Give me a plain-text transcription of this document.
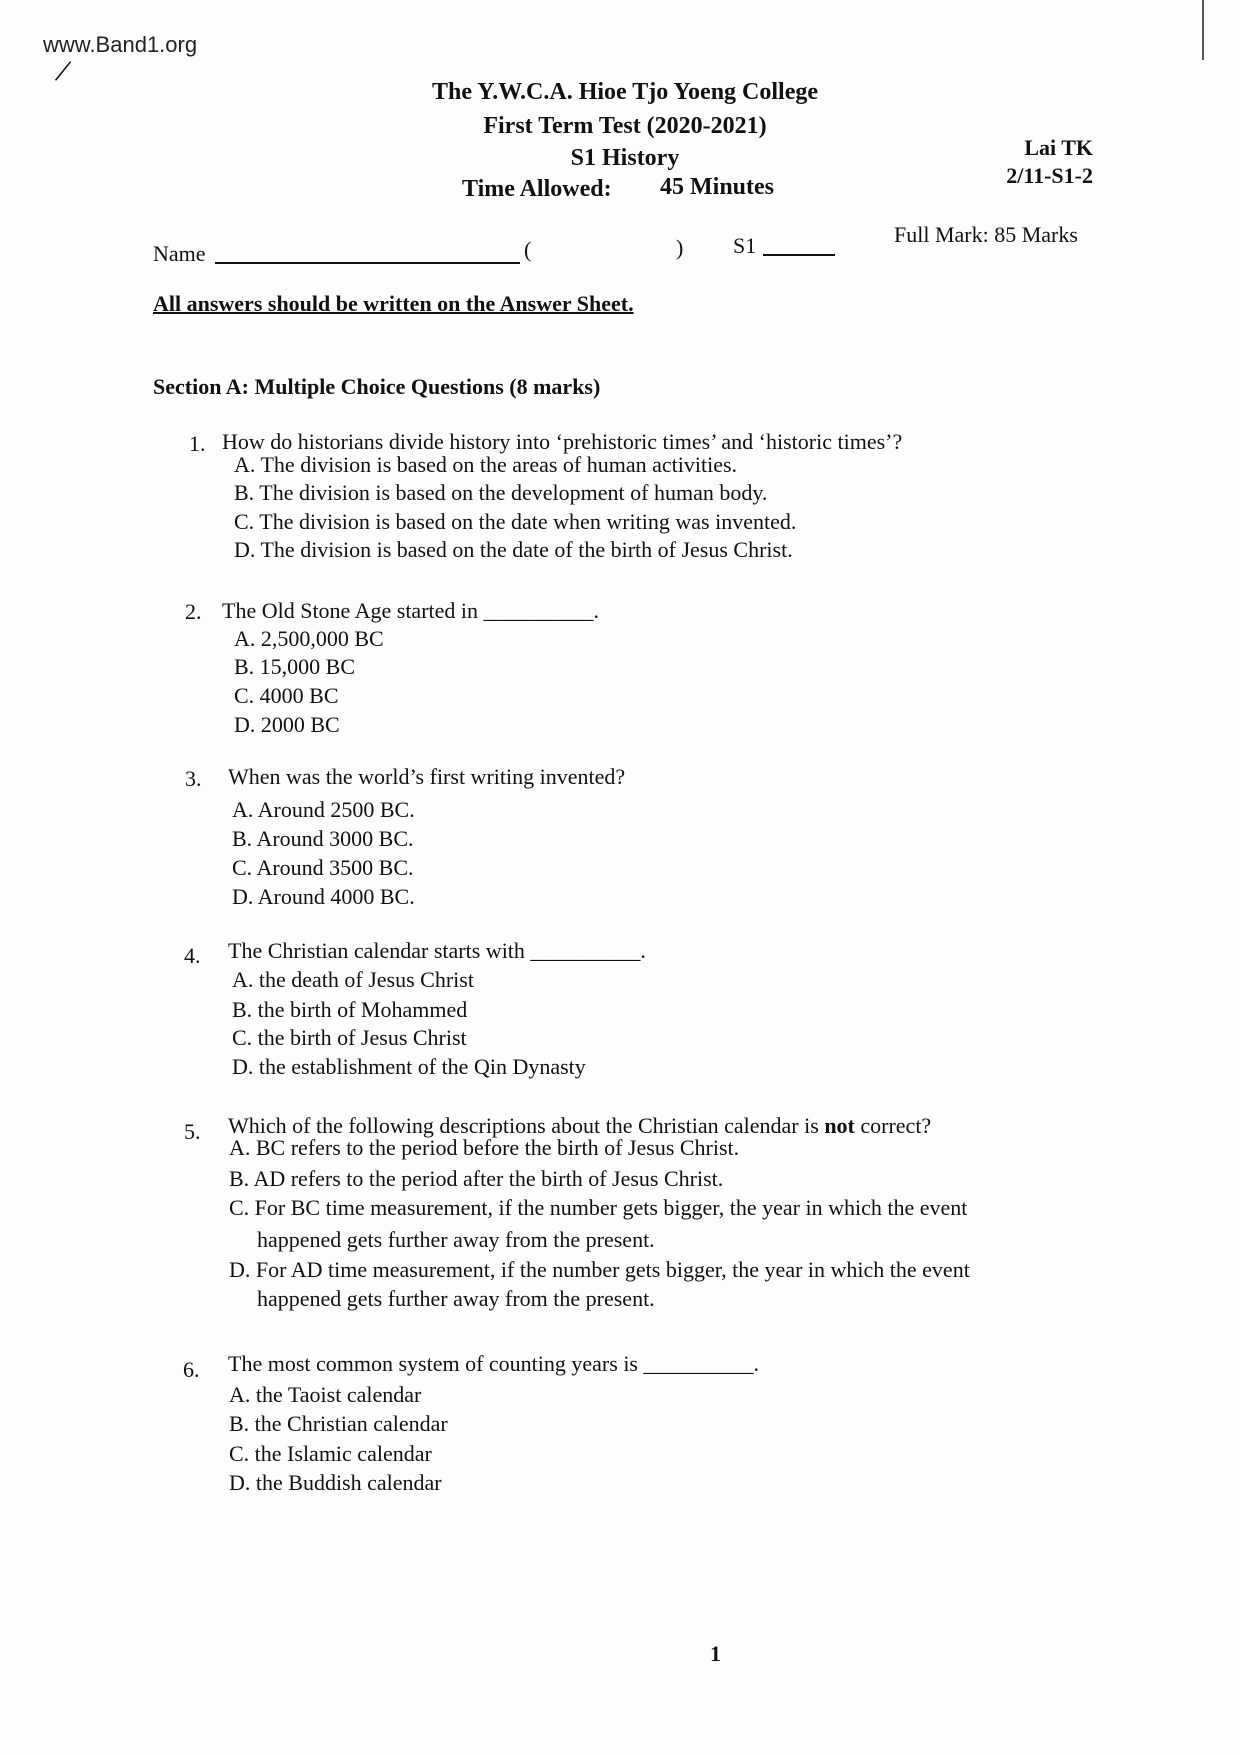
www.Band1.org
/
The Y.W.C.A. Hioe Tjo Yoeng College
First Term Test (2020-2021)
S1 History
Time Allowed: 45 Minutes
Lai TK
2/11-S1-2
Name	(	) S1	Full Mark: 85 Marks
All answers should be written on the Answer Sheet.
Section A: Multiple Choice Questions (8 marks)
1. How do historians divide history into ‘prehistoric times’ and ‘historic times’?
A. The division is based on the areas of human activities.
B. The division is based on the development of human body.
C. The division is based on the date when writing was invented.
D. The division is based on the date of the birth of Jesus Christ.
2. The Old Stone Age started in __________.
A. 2,500,000 BC
B. 15,000 BC
C. 4000 BC
D. 2000 BC
3. When was the world’s first writing invented?
A. Around 2500 BC.
B. Around 3000 BC.
C. Around 3500 BC.
D. Around 4000 BC.
4. The Christian calendar starts with __________.
A. the death of Jesus Christ
B. the birth of Mohammed
C. the birth of Jesus Christ
D. the establishment of the Qin Dynasty
5. Which of the following descriptions about the Christian calendar is not correct?
A. BC refers to the period before the birth of Jesus Christ.
B. AD refers to the period after the birth of Jesus Christ.
C. For BC time measurement, if the number gets bigger, the year in which the event
happened gets further away from the present.
D. For AD time measurement, if the number gets bigger, the year in which the event
happened gets further away from the present.
6. The most common system of counting years is __________.
A. the Taoist calendar
B. the Christian calendar
C. the Islamic calendar
D. the Buddish calendar
1
